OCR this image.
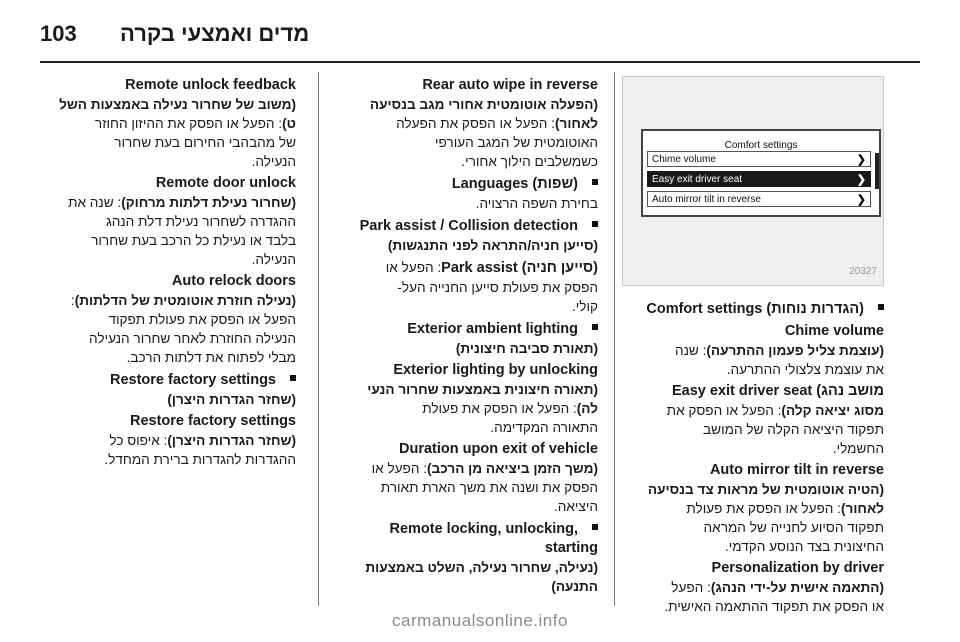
103 מדים ואמצעי בקרה
Comfort settings
Chime volume	❯
Easy exit driver seat	❯
Auto mirror tilt in reverse	❯
20327
Comfort settings (הגדרות נוחות)
Chime volume
(עוצמת צליל פעמון ההתרעה): שנה
את עוצמת צלצולי ההתרעה.
Easy exit driver seat (מושב נהג
מסוג יציאה קלה): הפעל או הפסק את
תפקוד היציאה הקלה של המושב
החשמלי.
Auto mirror tilt in reverse
(הטיה אוטומטית של מראות צד בנסיעה
לאחור): הפעל או הפסק את פעולת
תפקוד הסיוע לחנייה של המראה
החיצונית בצד הנוסע הקדמי.
Personalization by driver
(התאמה אישית על-ידי הנהג): הפעל
או הפסק את תפקוד ההתאמה האישית.
Rear auto wipe in reverse
(הפעלה אוטומטית אחורי מגב בנסיעה
לאחור): הפעל או הפסק את הפעלה
האוטומטית של המגב העורפי
כשמשלבים הילוך אחורי.
Languages (שפות)
בחירת השפה הרצויה.
Park assist / Collision detection
(סייען חניה/התראה לפני התנגשות)
Park assist (סייען חניה): הפעל או
הפסק את פעולת סייען החנייה העל-
קולי.
Exterior ambient lighting
(תאורת סביבה חיצונית)
Exterior lighting by unlocking
(תאורה חיצונית באמצעות שחרור הנעי
לה): הפעל או הפסק את פעולת
התאורה המקדימה.
Duration upon exit of vehicle
(משך הזמן ביציאה מן הרכב): הפעל או
הפסק את ושנה את משך הארת תאורת
היציאה.
Remote locking, unlocking,
starting
(נעילה, שחרור נעילה, השלט באמצעות
התנעה)
Remote unlock feedback
(משוב של שחרור נעילה באמצעות השל
ט): הפעל או הפסק את ההיזון החוזר
של מהבהבי החירום בעת שחרור
הנעילה.
Remote door unlock
(שחרור נעילת דלתות מרחוק): שנה את
ההגדרה לשחרור נעילת דלת הנהג
בלבד או נעילת כל הרכב בעת שחרור
הנעילה.
Auto relock doors
(נעילה חוזרת אוטומטית של הדלתות):
הפעל או הפסק את פעולת תפקוד
הנעילה החוזרת לאחר שחרור הנעילה
מבלי לפתוח את דלתות הרכב.
Restore factory settings
(שחזר הגדרות היצרן)
Restore factory settings
(שחזר הגדרות היצרן): איפוס כל
ההגדרות להגדרות ברירת המחדל.
carmanualsonline.info
